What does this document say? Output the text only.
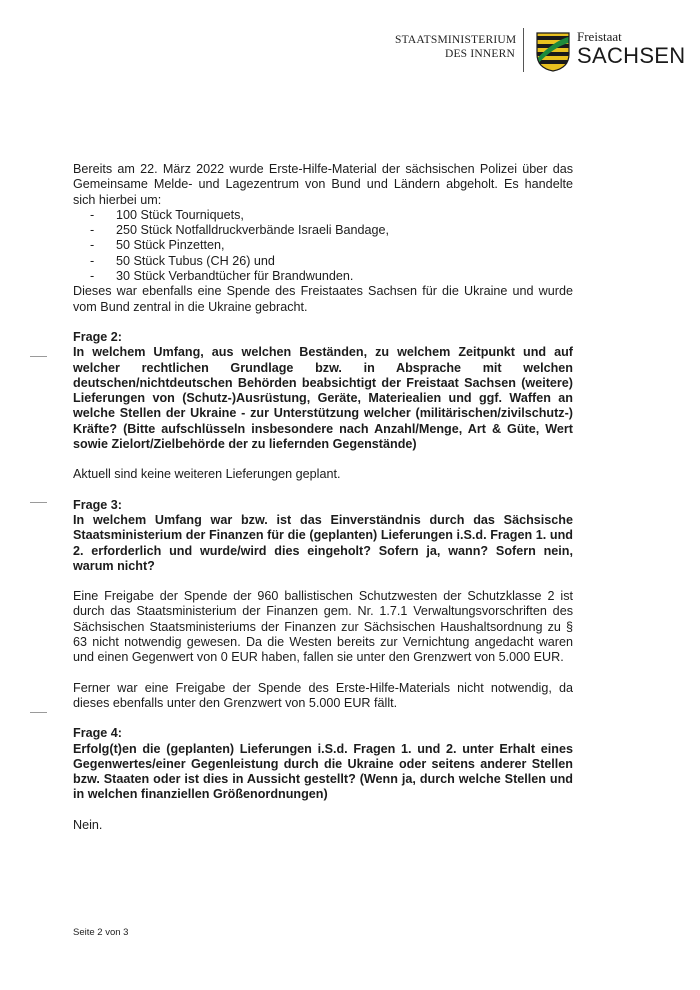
STAATSMINISTERIUM
DES INNERN
Freistaat
SACHSEN

Bereits am 22. März 2022 wurde Erste-Hilfe-Material der sächsischen Polizei über das Gemeinsame Melde- und Lagezentrum von Bund und Ländern abgeholt. Es handelte sich hierbei um:

- 100 Stück Tourniquets,
- 250 Stück Notfalldruckverbände Israeli Bandage,
- 50 Stück Pinzetten,
- 50 Stück Tubus (CH 26) und
- 30 Stück Verbandtücher für Brandwunden.

Dieses war ebenfalls eine Spende des Freistaates Sachsen für die Ukraine und wurde vom Bund zentral in die Ukraine gebracht.

Frage 2:

In welchem Umfang, aus welchen Beständen, zu welchem Zeitpunkt und auf welcher rechtlichen Grundlage bzw. in Absprache mit welchen deutschen/nichtdeutschen Behörden beabsichtigt der Freistaat Sachsen (weitere) Lieferungen von (Schutz-)Ausrüstung, Geräte, Materiealien und ggf. Waffen an welche Stellen der Ukraine - zur Unterstützung welcher (militärischen/zivilschutz-) Kräfte? (Bitte aufschlüsseln insbesondere nach Anzahl/Menge, Art & Güte, Wert sowie Zielort/Zielbehörde der zu liefernden Gegenstände)

Aktuell sind keine weiteren Lieferungen geplant.

Frage 3:

In welchem Umfang war bzw. ist das Einverständnis durch das Sächsische Staatsministerium der Finanzen für die (geplanten) Lieferungen i.S.d. Fragen 1. und 2. erforderlich und wurde/wird dies eingeholt? Sofern ja, wann? Sofern nein, warum nicht?

Eine Freigabe der Spende der 960 ballistischen Schutzwesten der Schutzklasse 2 ist durch das Staatsministerium der Finanzen gem. Nr. 1.7.1 Verwaltungsvorschriften des Sächsischen Staatsministeriums der Finanzen zur Sächsischen Haushaltsordnung zu § 63 nicht notwendig gewesen. Da die Westen bereits zur Vernichtung angedacht waren und einen Gegenwert von 0 EUR haben, fallen sie unter den Grenzwert von 5.000 EUR.

Ferner war eine Freigabe der Spende des Erste-Hilfe-Materials nicht notwendig, da dieses ebenfalls unter den Grenzwert von 5.000 EUR fällt.

Frage 4:

Erfolg(t)en die (geplanten) Lieferungen i.S.d. Fragen 1. und 2. unter Erhalt eines Gegenwertes/einer Gegenleistung durch die Ukraine oder seitens anderer Stellen bzw. Staaten oder ist dies in Aussicht gestellt? (Wenn ja, durch welche Stellen und in welchen finanziellen Größenordnungen)

Nein.

Seite 2 von 3
